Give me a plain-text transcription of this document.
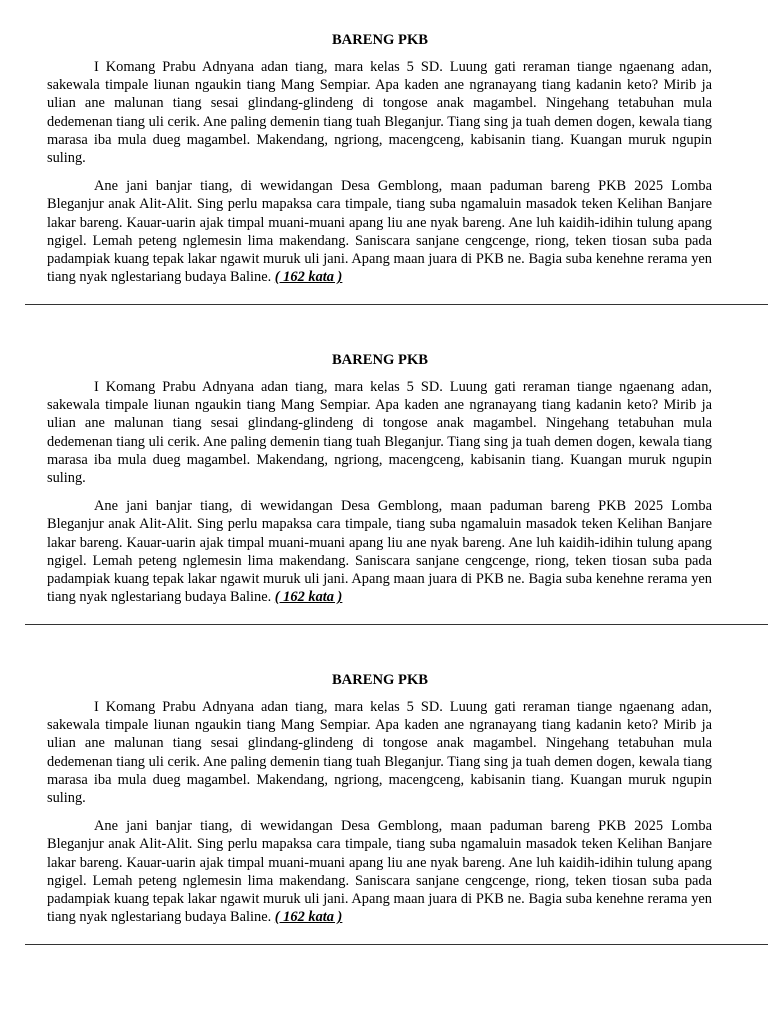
BARENG PKB

I Komang Prabu Adnyana adan tiang, mara kelas 5 SD. Luung gati reraman tiange ngaenang adan, sakewala timpale liunan ngaukin tiang Mang Sempiar. Apa kaden ane ngranayang tiang kadanin keto? Mirib ja ulian ane malunan tiang sesai glindang-glindeng di tongose anak magambel. Ningehang tetabuhan mula dedemenan tiang uli cerik. Ane paling demenin tiang tuah Bleganjur. Tiang sing ja tuah demen dogen, kewala tiang marasa iba mula dueg magambel. Makendang, ngriong, macengceng, kabisanin tiang. Kuangan muruk ngupin suling.

Ane jani banjar tiang, di wewidangan Desa Gemblong, maan paduman bareng PKB 2025 Lomba Bleganjur anak Alit-Alit. Sing perlu mapaksa cara timpale, tiang suba ngamaluin masadok teken Kelihan Banjare lakar bareng. Kauar-uarin ajak timpal muani-muani apang liu ane nyak bareng. Ane luh kaidih-idihin tulung apang ngigel. Lemah peteng nglemesin lima makendang. Saniscara sanjane cengcenge, riong, teken tiosan suba pada padampiak kuang tepak lakar ngawit muruk uli jani. Apang maan juara di PKB ne. Bagia suba kenehne rerama yen tiang nyak nglestariang budaya Baline. ( 162 kata )

BARENG PKB

I Komang Prabu Adnyana adan tiang, mara kelas 5 SD. Luung gati reraman tiange ngaenang adan, sakewala timpale liunan ngaukin tiang Mang Sempiar. Apa kaden ane ngranayang tiang kadanin keto? Mirib ja ulian ane malunan tiang sesai glindang-glindeng di tongose anak magambel. Ningehang tetabuhan mula dedemenan tiang uli cerik. Ane paling demenin tiang tuah Bleganjur. Tiang sing ja tuah demen dogen, kewala tiang marasa iba mula dueg magambel. Makendang, ngriong, macengceng, kabisanin tiang. Kuangan muruk ngupin suling.

Ane jani banjar tiang, di wewidangan Desa Gemblong, maan paduman bareng PKB 2025 Lomba Bleganjur anak Alit-Alit. Sing perlu mapaksa cara timpale, tiang suba ngamaluin masadok teken Kelihan Banjare lakar bareng. Kauar-uarin ajak timpal muani-muani apang liu ane nyak bareng. Ane luh kaidih-idihin tulung apang ngigel. Lemah peteng nglemesin lima makendang. Saniscara sanjane cengcenge, riong, teken tiosan suba pada padampiak kuang tepak lakar ngawit muruk uli jani. Apang maan juara di PKB ne. Bagia suba kenehne rerama yen tiang nyak nglestariang budaya Baline. ( 162 kata )

BARENG PKB

I Komang Prabu Adnyana adan tiang, mara kelas 5 SD. Luung gati reraman tiange ngaenang adan, sakewala timpale liunan ngaukin tiang Mang Sempiar. Apa kaden ane ngranayang tiang kadanin keto? Mirib ja ulian ane malunan tiang sesai glindang-glindeng di tongose anak magambel. Ningehang tetabuhan mula dedemenan tiang uli cerik. Ane paling demenin tiang tuah Bleganjur. Tiang sing ja tuah demen dogen, kewala tiang marasa iba mula dueg magambel. Makendang, ngriong, macengceng, kabisanin tiang. Kuangan muruk ngupin suling.

Ane jani banjar tiang, di wewidangan Desa Gemblong, maan paduman bareng PKB 2025 Lomba Bleganjur anak Alit-Alit. Sing perlu mapaksa cara timpale, tiang suba ngamaluin masadok teken Kelihan Banjare lakar bareng. Kauar-uarin ajak timpal muani-muani apang liu ane nyak bareng. Ane luh kaidih-idihin tulung apang ngigel. Lemah peteng nglemesin lima makendang. Saniscara sanjane cengcenge, riong, teken tiosan suba pada padampiak kuang tepak lakar ngawit muruk uli jani. Apang maan juara di PKB ne. Bagia suba kenehne rerama yen tiang nyak nglestariang budaya Baline. ( 162 kata )
